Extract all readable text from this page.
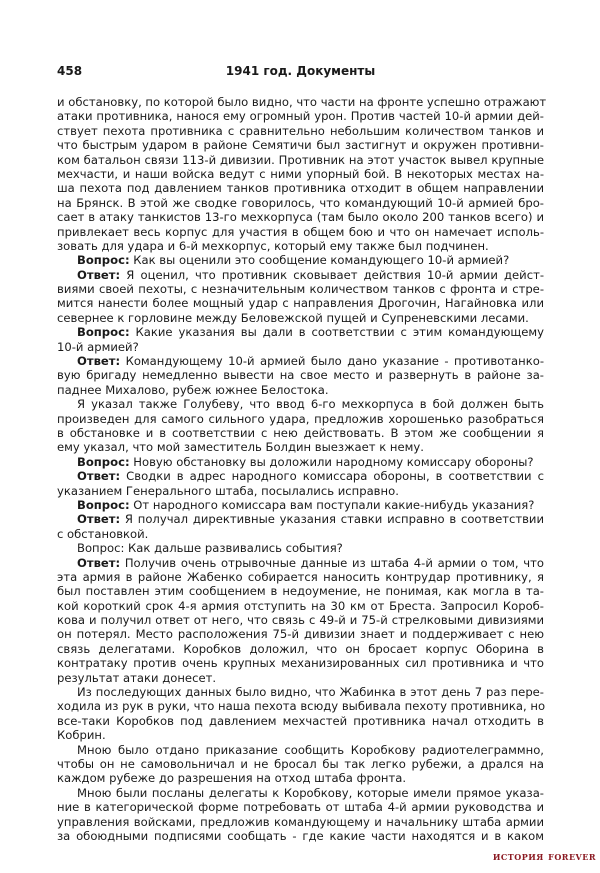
458	1941 год. Документы
и обстановку, по которой было видно, что части на фронте успешно отражают
атаки противника, нанося ему огромный урон. Против частей 10-й армии дей-
ствует пехота противника с сравнительно небольшим количеством танков и
что быстрым ударом в районе Семятичи был застигнут и окружен противни-
ком батальон связи 113-й дивизии. Противник на этот участок вывел крупные
мехчасти, и наши войска ведут с ними упорный бой. В некоторых местах на-
ша пехота под давлением танков противника отходит в общем направлении
на Брянск. В этой же сводке говорилось, что командующий 10-й армией бро-
сает в атаку танкистов 13-го мехкорпуса (там было около 200 танков всего) и
привлекает весь корпус для участия в общем бою и что он намечает исполь-
зовать для удара и 6-й мехкорпус, который ему также был подчинен.
Вопрос: Как вы оценили это сообщение командующего 10-й армией?
Ответ: Я оценил, что противник сковывает действия 10-й армии дейст-
виями своей пехоты, с незначительным количеством танков с фронта и стре-
мится нанести более мощный удар с направления Дрогочин, Нагайновка или
севернее к горловине между Беловежской пущей и Супреневскими лесами.
Вопрос: Какие указания вы дали в соответствии с этим командующему
10-й армией?
Ответ: Командующему 10-й армией было дано указание - противотанко-
вую бригаду немедленно вывести на свое место и развернуть в районе за-
паднее Михалово, рубеж южнее Белостока.
Я указал также Голубеву, что ввод 6-го мехкорпуса в бой должен быть
произведен для самого сильного удара, предложив хорошенько разобраться
в обстановке и в соответствии с нею действовать. В этом же сообщении я
ему указал, что мой заместитель Болдин выезжает к нему.
Вопрос: Новую обстановку вы доложили народному комиссару обороны?
Ответ: Сводки в адрес народного комиссара обороны, в соответствии с
указанием Генерального штаба, посылались исправно.
Вопрос: От народного комиссара вам поступали какие-нибудь указания?
Ответ: Я получал директивные указания ставки исправно в соответствии
с обстановкой.
Вопрос: Как дальше развивались события?
Ответ: Получив очень отрывочные данные из штаба 4-й армии о том, что
эта армия в районе Жабенко собирается наносить контрудар противнику, я
был поставлен этим сообщением в недоумение, не понимая, как могла в та-
кой короткий срок 4-я армия отступить на 30 км от Бреста. Запросил Короб-
кова и получил ответ от него, что связь с 49-й и 75-й стрелковыми дивизиями
он потерял. Место расположения 75-й дивизии знает и поддерживает с нею
связь делегатами. Коробков доложил, что он бросает корпус Оборина в
контратаку против очень крупных механизированных сил противника и что
результат атаки донесет.
Из последующих данных было видно, что Жабинка в этот день 7 раз пере-
ходила из рук в руки, что наша пехота всюду выбивала пехоту противника, но
все-таки Коробков под давлением мехчастей противника начал отходить в
Кобрин.
Мною было отдано приказание сообщить Коробкову радиотелеграммно,
чтобы он не самовольничал и не бросал бы так легко рубежи, а дрался на
каждом рубеже до разрешения на отход штаба фронта.
Мною были посланы делегаты к Коробкову, которые имели прямое указа-
ние в категорической форме потребовать от штаба 4-й армии руководства и
управления войсками, предложив командующему и начальнику штаба армии
за обоюдными подписями сообщать - где какие части находятся и в каком
история forever
